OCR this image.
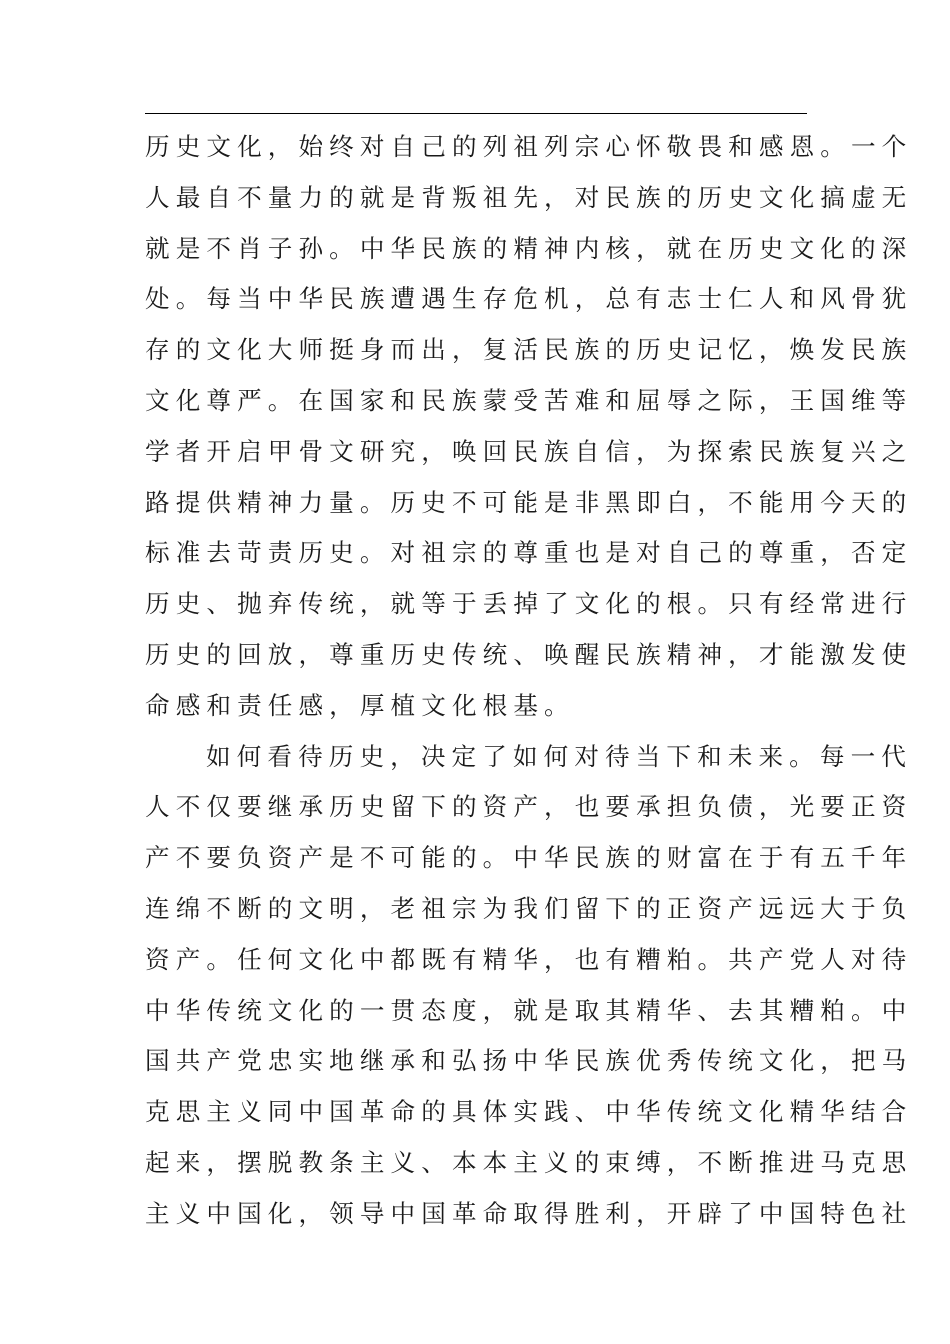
历史文化，始终对自己的列祖列宗心怀敬畏和感恩。一个
人最自不量力的就是背叛祖先，对民族的历史文化搞虚无
就是不肖子孙。中华民族的精神内核，就在历史文化的深
处。每当中华民族遭遇生存危机，总有志士仁人和风骨犹
存的文化大师挺身而出，复活民族的历史记忆，焕发民族
文化尊严。在国家和民族蒙受苦难和屈辱之际，王国维等
学者开启甲骨文研究，唤回民族自信，为探索民族复兴之
路提供精神力量。历史不可能是非黑即白，不能用今天的
标准去苛责历史。对祖宗的尊重也是对自己的尊重，否定
历史、抛弃传统，就等于丢掉了文化的根。只有经常进行
历史的回放，尊重历史传统、唤醒民族精神，才能激发使
命感和责任感，厚植文化根基。
如何看待历史，决定了如何对待当下和未来。每一代
人不仅要继承历史留下的资产，也要承担负债，光要正资
产不要负资产是不可能的。中华民族的财富在于有五千年
连绵不断的文明，老祖宗为我们留下的正资产远远大于负
资产。任何文化中都既有精华，也有糟粕。共产党人对待
中华传统文化的一贯态度，就是取其精华、去其糟粕。中
国共产党忠实地继承和弘扬中华民族优秀传统文化，把马
克思主义同中国革命的具体实践、中华传统文化精华结合
起来，摆脱教条主义、本本主义的束缚，不断推进马克思
主义中国化，领导中国革命取得胜利，开辟了中国特色社
